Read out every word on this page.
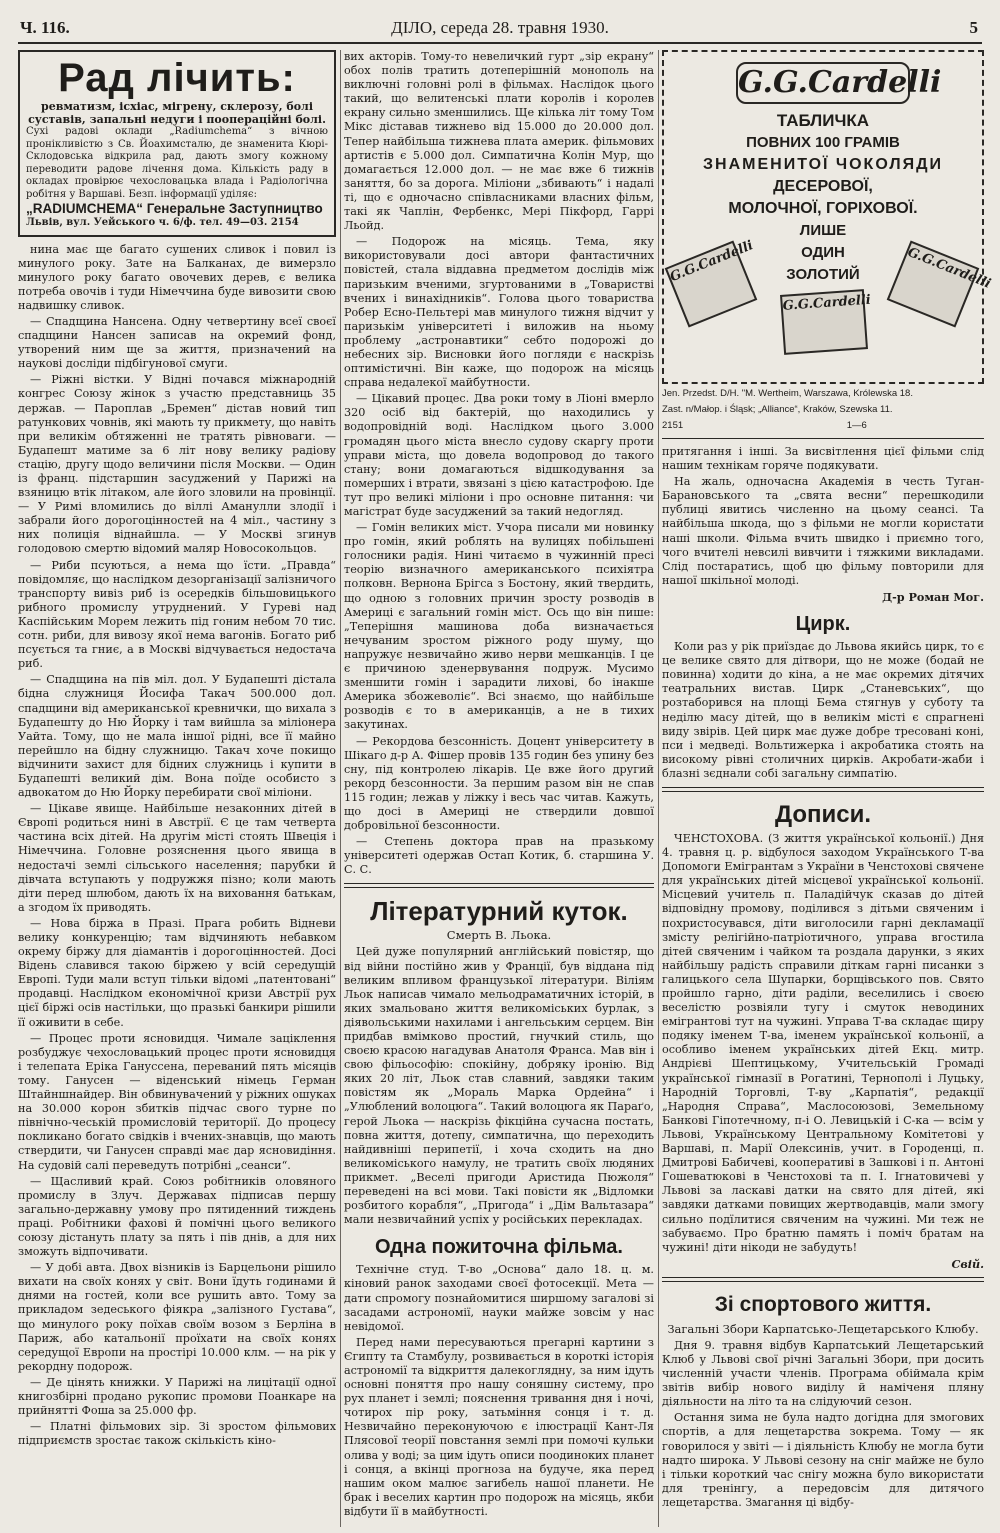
Ч. 116.	ДІЛО, середа 28. травня 1930.	5
Рад лічить:
ревматизм, ісхіас, мігрену, склерозу, болі суставів, запальні недуги і пооперацiйні болі.
Сухі радові оклади „Radiumchema“ з вічною пронікливістю з Св. Йоахимсталю, де знаменита Кюрі-Склодовська відкрила рад, дають змогу кожному переводити радове лічення дома. Кількість раду в окладах провірює чехословацька влада і Радіологічна робітня у Варшаві. Безп. інформації уділяє:
„RADIUMCHEMA“ Генеральне Заступництво
Львів, вул. Уейського ч. 6/ф. тел. 49—03. 2154

нина має ще багато сушених сливок і повил із минулого року. Зате на Балканах, де вимерзло минулого року багато овочевих дерев, є велика потреба овочів і туди Німеччина буде вивозити свою надвишку сливок.

— Спадщина Нансена. Одну четвертину всеї своєї спадщини Нансен записав на окремий фонд, утворений ним ще за життя, призначений на наукові досліди підбігунової смуги.

— Ріжні вістки. У Відні почався міжнародній конгрес Союзу жінок з участю представниць 35 держав. — Пароплав „Бремен“ дістав новий тип ратункових човнів, які мають ту прикмету, що навіть при великім обтяженні не тратять рівноваги. — Будапешт матиме за 6 літ нову велику радіову стацію, другу щодо величини після Москви. — Один із франц. підстаршин засуджений у Парижі на взяницю втік літаком, але його зловили на провінції. — У Римі вломились до віллі Аманулли злодії і забрали його дорогоцінностей на 4 міл., частину з них полиція віднайшла. — У Москві згинув голодовою смертю відомий маляр Новосокольцов.

— Риби псуються, а нема що їсти. „Правда“ повідомляє, що наслідком дезорганізації залізничого транспорту вивіз риб із осередків більшовицького рибного промислу утруднений. У Гуреві над Каспійським Морем лежить під гоним небом 70 тис. сотн. риби, для вивозу якої нема вагонів. Богато риб псується та гниє, а в Москві відчувається недостача риб.

— Спадщина на пів міл. дол. У Будапешті дістала бідна служниця Йосифа Такач 500.000 дол. спадщини від американської кревнички, що вихала з Будапешту до Ню Йорку і там вийшла за міліонера Уайта. Тому, що не мала іншої рідні, все її майно перейшло на бідну служницю. Такач хоче покищо відчинити захист для бідних служниць і купити в Будапешті великий дім. Вона поїде особисто з адвокатом до Ню Йорку перебирати свої міліони.

— Цікаве явище. Найбільше незаконних дітей в Європі родиться нині в Австрії. Є це там четверта частина всіх дітей. На другім місті стоять Швеція і Німеччина. Головне розяснення цього явища в недостачі землі сільського населення; парубки й дівчата вступають у подружжя пізно; коли мають діти перед шлюбом, дають їх на виховання батькам, а згодом їх приводять.

— Нова біржа в Празі. Прага робить Відневи велику конкуренцію; там відчиняють небавком окрему біржу для діамантів і дорогоцінностей. Досі Відень славився такою біржею у всій середущій Европі. Туди мали вступ тільки відомі „патентовані“ продавці. Наслідком економічної кризи Австрії рух цієї біржі осів настільки, що празькі банкири рішили її оживити в себе.

— Процес проти ясновидця. Чимале заціклення розбуджує чехословацький процес проти ясновидця і телепата Еріка Гануссена, переваний пять місяців тому. Ганусен — віденський німець Герман Штайншнайдер. Він обвинувачений у ріжних ошуках на 30.000 корон збитків підчас свого турне по північно-чеській промисловій території. До процесу покликано богато свідків і вчених-знавців, що мають ствердити, чи Ганусен справді має дар ясновидіння. На судовій салі переведуть потрібні „сеанси“.

— Щасливий край. Союз робітників оловяного промислу в Злуч. Державах підписав першу загально-державну умову про пятиденний тиждень праці. Робітники фахові й помічні цього великого союзу дістануть плату за пять і пів днів, а для них зможуть відпочивати.

— У добі авта. Двох візників із Барцельони рішило вихати на своїх конях у світ. Вони їдуть годинами й днями на гостей, коли все рушить авто. Тому за прикладом зедеського фіякра „залізного Густава“, що минулого року поїхав своїм возом з Берліна в Париж, або катальонії проїхати на своїх конях середущої Европи на простірі 10.000 клм. — на рік у рекордну подорож.

— Де цінять книжки. У Парижі на лицітації одної книгозбірні продано рукопис промови Поанкаре на прийнятті Фоша за 25.000 фр.

— Платні фільмових зір. Зі зростом фільмових підприємств зростає також скількість кіно-

вих акторів. Тому-то невеличкий гурт „зір екрану“ обох полів тратить дотеперішній монополь на виключні головні ролі в фільмах. Наслідок цього такий, що велитенські плати королів і королев екрану сильно зменшились. Ще кілька літ тому Том Мікс діставав тижнево від 15.000 до 20.000 дол. Тепер найбільша тижнева плата америк. фільмових артистів є 5.000 дол. Симпатична Колін Мур, що домагається 12.000 дол. — не має вже 6 тижнів заняття, бо за дорога. Міліони „збивають“ і надалі ті, що є одночасно співласниками власних фільм, такі як Чаплін, Фербенкс, Мері Пікфорд, Гаррі Льойд.

— Подорож на місяць. Тема, яку використовували досі автори фантастичних повістей, стала віддавна предметом дослідів між паризьким вченими, згуртованими в „Товаристві вчених і винахідників“. Голова цього товариства Робер Есно-Пельтері мав минулого тижня відчит у паризькім університеті і виложив на ньому проблему „астронавтики“ себто подорожі до небесних зір. Висновки його погляди є наскрізь оптимістичні. Він каже, що подорож на місяць справа недалекої майбутности.

— Цікавий процес. Два роки тому в Ліоні вмерло 320 осіб від бактерій, що находились у водопровідній воді. Наслідком цього 3.000 громадян цього міста внесло судову скаргу проти управи міста, що довела водопровод до такого стану; вони домагаються відшкодування за померших і втрати, звязані з цією катастрофою. Іде тут про великі міліони і про основне питання: чи магістрат буде засуджений за такий недогляд.

— Гомін великих міст. Учора писали ми новинку про гомін, який роблять на вулицях побільшені голосники радія. Нині читаємо в чужинній пресі теорію визначного американського психіятра полковн. Вернона Брігса з Бостону, який твердить, що одною з головних причин зросту розводів в Америці є загальний гомін міст. Ось що він пише: „Теперішня машинова доба визначається нечуваним зростом ріжного роду шуму, що напружує незвичайно живо нерви мешканців. І це є причиною зденервування подруж. Мусимо зменшити гомін і зарадити лихові, бо інакше Америка збожеволіє“. Всі знаємо, що найбільше розводів є то в американців, а не в тихих закутинах.

— Рекордова безсонність. Доцент університету в Шікаго д-р А. Фішер провів 135 годин без упину без сну, під контролею лікарів. Це вже його другий рекорд безсонности. За першим разом він не спав 115 годин; лежав у ліжку і весь час читав. Кажуть, що досі в Америці не ствердили довшої добровільної безсонности.

— Степень доктора прав на празькому університеті одержав Остап Котик, б. старшина У. С. С.

Літературний куток.
Смерть В. Льока.

Цей дуже популярний англійський повістяр, що від війни постійно жив у Франції, був віддана під великим впливом французької літератури. Віліям Льок написав чимало мельодраматичних історій, в яких змальовано життя великоміських бурлак, з діявольськими нахилами і ангельським серцем. Він придбав вмімково простий, гнучкий стиль, що своєю красою нагадував Анатоля Франса. Мав він і свою фільософію: спокійну, добряку іронію. Від яких 20 літ, Льок став славний, завдяки таким повістям як „Мораль Марка Ордейна“ і „Улюблений волоцюга“. Такий волоцюга як Параґо, герой Льока — наскрізь фікційна сучасна постать, повна життя, дотепу, симпатична, що переходить найдивніші перипетії, і хоча сходить на дно великоміського намулу, не тратить своїх людяних прикмет. „Веселі пригоди Аристида Пюжоля“ переведені на всі мови. Такі повісти як „Відломки розбитого корабля“, „Пригода“ і „Дім Вальтазара“ мали незвичайний успіх у російських перекладах.

Одна пожиточна фільма.

Технічне студ. Т-во „Основа“ дало 18. ц. м. кіновий ранок заходами своєї фотосекції. Мета — дати спромогу познайомитися ширшому загалові зі засадами астрономії, науки майже зовсім у нас невідомої.

Перед нами пересуваються прегарні картини з Єгипту та Стамбулу, розвивається в короткі історія астрономії та відкриття далекоглядну, за ним ідуть основні поняття про нашу соняшну систему, про рух планет і землі; пояснення тривання дня і ночі, чотирох пір року, затьміння сонця і т. д. Незвичайно переконуючою є ілюстрації Кант-Ля Плясової теорії повстання землі при помочі кульки олива у воді; за цим ідуть описи поодиноких планет і сонця, а вкінці прогноза на будуче, яка перед нашим оком малює загибель нашої планети. Не брак і веселих картин про подорож на місяць, якби відбути її в майбутності.

G.G.Cardelli
ТАБЛИЧКА
ПОВНИХ 100 ГРАМІВ
ЗНАМЕНИТОЇ ЧОКОЛЯДИ
ДЕСЕРОВОЇ,
МОЛОЧНОЇ, ГОРІХОВОЇ.
ЛИШЕ
ОДИН
ЗОЛОТИЙ
G.G.Cardelli
G.G.Cardelli
G.G.Cardelli
Jen. Przedst. D/H. "M. Wertheim, Warszawa, Królewska 18.
Zast. n/Małop. i Śląsk; „Alliance“, Kraków, Szewska 11.
2151                                                              1—6

притягання і інші. За висвітлення цієї фільми слід нашим технікам горяче подякувати.

На жаль, одночасна Академія в честь Туган-Барановського та „свята весни“ перешкодили публиці явитись численно на цьому сеансі. Та найбільша шкода, що з фільми не могли користати наші школи. Фільма вчить швидко і приємно того, чого вчителі невсилі вивчити і тяжкими викладами. Слід постаратись, щоб цю фільму повторили для нашої шкільної молоді.

Д-р Роман Мог.

Цирк.

Коли раз у рік приїздає до Львова якийсь цирк, то є це велике свято для дітвори, що не може (бодай не повинна) ходити до кіна, а не має окремих дітячих театральних вистав. Цирк „Станевських“, що розтаборився на площі Бема стягнув у суботу та неділю масу дітей, що в великім місті є спрагнені виду звірів. Цей цирк має дуже добре тресовані коні, пси і медведі. Вольтижерка і акробатика стоять на високому рівні столичних цирків. Акробати-жаби і блазні зєднали собі загальну симпатію.

Дописи.

ЧЕНСТОХОВА. (З життя української кольонії.) Дня 4. травня ц. р. відбулося заходом Українського Т-ва Допомоги Емігрантам з України в Ченстохові свячене для українських дітей місцевої української кольонії. Місцевий учитель п. Паладійчук сказав до дітей відповідну промову, поділився з дітьми свяченим і похристосувався, діти виголосили гарні декламації змісту релігійно-патріотичного, управа вгостила дітей свяченим і чайком та роздала дарунки, з яких найбільшу радість справили діткам гарні писанки з галицького села Шупарки, борщівського пов. Свято пройшло гарно, діти раділи, веселились і своєю веселістю розвіяли тугу і смуток неводиних емігрантові тут на чужині. Управа Т-ва складає щиру подяку іменем Т-ва, іменем української кольонії, а особливо іменем українських дітей Екц. митр. Андрієві Шептицькому, Учительській Громаді української гімназії в Рогатині, Тернополі і Луцьку, Народній Торговлі, Т-ву „Карпатія“, редакції „Народня Справа“, Маслосоюзові, Земельному Банкові Гіпотечному, п-і О. Левицькій і С-ка — всім у Львові, Українському Центральному Комітетові у Варшаві, п. Марії Олексинів, учит. в Городенці, п. Дмитрові Бабичеві, кооперативі в Зашкові і п. Антоні Гошеватюкові в Ченстохові та п. І. Ігнатовичеві у Львові за ласкаві датки на свято для дітей, які завдяки датками повищих жертводавців, мали змогу сильно подїлитися свяченим на чужині. Ми теж не забуваємо. Про братню память і поміч братам на чужині! діти нікоди не забудуть!

Свій.

Зі спортового життя.
Загальні Збори Карпатсько-Лещетарського Клюбу.

Дня 9. травня відбув Карпатський Лещетарський Клюб у Львові свої річні Загальні Збори, при досить численній участи членів. Програма обіймала крім звітів вибір нового виділу й наміченя пляну діяльности на літо та на слідуючий сезон.

Остання зима не була надто догідна для змогових спортів, а для лещетарства зокрема. Тому — як говорилося у звіті — і діяльність Клюбу не могла бути надто широка. У Львові сезону на сніг майже не було і тільки короткий час снігу можна було використати для тренінгу, а передовсім для дитячого лещетарства. Змагання ці відбу-
